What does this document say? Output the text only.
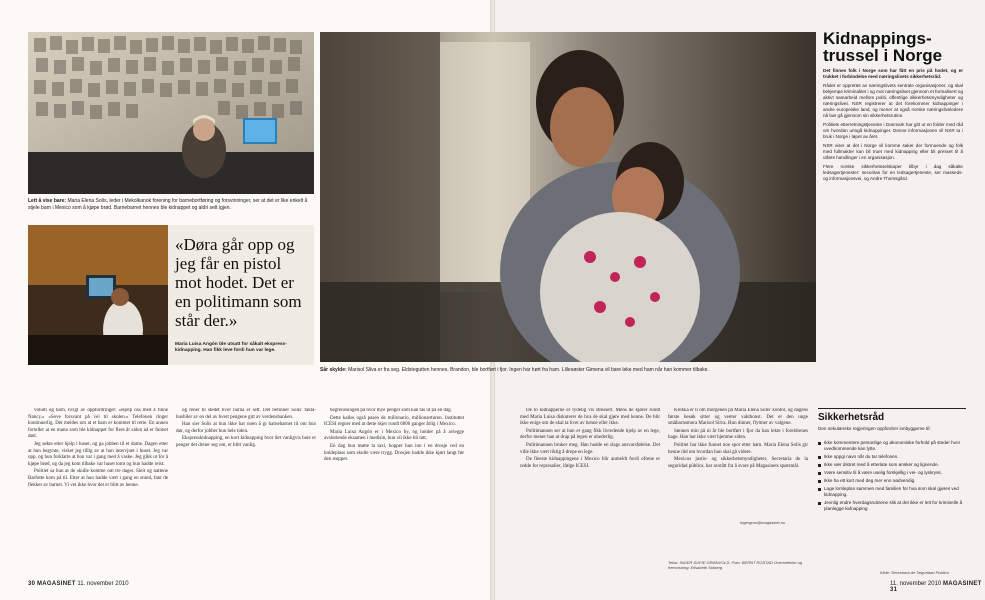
Lett å vise bare: Maria Elena Solís, leder i Mekolkanok forening for barnebortføring og forsvinninger, ser at det er like enkelt å stjele barn i Mexico som å kjøpe brød. Barnebarnet hennes ble kidnappet og aldri sett igjen.
«Døra går opp og jeg får en pistol mot hodet. Det er en politimann som står der.»
Maria Luisa Angón ble utsatt for såkalt ekspress-kidnapping. Han fikk leve fordi hun var lege.

volum og barn, hvigt av oppfordringer: «Hjelp oss med å finne Nancy.» «Sove forsvant på vei til skolen.» Telefonen ringer kontinuerlig. Det meldes om at et barn er kommet til rette. En annen forteller at en mann som ble kidnappet for flere år siden nå er funnet død.

Jeg søkte etter hjelp i huset, og ga jobben til et dame. Dagen etter at hun begynte, visket jeg tillig av at hun intervjuet i huset. Jeg var opp, og hun forklarte at hun var i gang med å vaske. Jeg gikk ut for å kjøpe brød, og da jeg kom tilbake var huset tomt og hun hadde reist.

Politiet sa hun at de skulle komme om tre dager. Sleit og nattene Barfotte kom på til. Etter at hun hadde vært i gang en stund, fant de flekker av barnet. Vi vet ikke hvor det er blitt av henne.

og rener til stedet hvor barna er sett. Det befinner Solís' fakta-husbiler av en del av hvert pengene gitt av verdensbanken.

Han sier Solís at hun ikke har noen å gi barnebarnet til om hun dør, og derfor jobber hun hele tiden.

Ekspresskidnapping, en kort kidnapping hvor det vanligvis bare er penger det dreier seg om, er blitt vanlig.

begrensningen på hvor mye penger som kan tas ut på en dag.

Dette kalles også paseo de millonario, millionærturen. Instituttet ICESI regner med at dette skjer rundt 6000 ganger årlig i Mexico.

Maria Luisa Angón er i Mexico by, og holder på å avlegge avsluttende eksamen i medisin, hun vil ikke bli tatt.

En dag hun møtte ta taxi, hopper hun inn i en drosje ved en holdeplass som skulle være trygg. Drosjen hadde ikke kjørt langt før den stoppet.

30 MAGASINET 11. november 2010
Sår skylde: Marisol Silva er fra seg. Eldstegutten hennes, Brandon, ble bortført i fjor. Ingen har hørt fra ham. Lillesøster Gimena vil bare leke med ham når han kommer tilbake.
Kidnappings-trussel i Norge

Det finnes folk i Norge som har fått en pris på hodet, og er trukket i forbindelse med næringslivets sikkerhetsråd.

Rådet er opprettet av næringslivets sentrale organisasjoner, og skal bekjempe kriminalitet i og mot næringslivet gjennom et formalisert og aktivt samarbeid mellom politi, offentlige sikkerhetsmyndigheter og næringslivet. NSR registrerer at det forekommer kidnappinger i andre europeiske land, og mener at også norske næringslivsledere nå bør gå gjennom sin sikkerhetsrutine.

Politiets etterretningstjeneste i Danmark har gitt ut en folder med råd om hvordan unngå kidnappinger. Denne informasjonen vil NSR ta i bruk i Norge i løpet av året.

NSR viser at det i Norge vil komme saker der formuende og folk med fullmakter kan bli truet med kidnapping eller bli presset til å utføre handlinger i en organisasjon.

Flere norske sikkerhetsselskaper tilbyr i dag såkalte ledsagertjenester: securitas for en ledsagertjeneste, ser masseds- og informasjonsvei, og Andre Thomsgård.

De to kidnapperne er tydelig vis stressert. Mens de kjører rundt med Maria Luisa diskuterer de hva de skal gjøre med henne. De blir ikke enige om de skal ta livet av henne eller ikke.

Politimannen ser at hun er gang fikk livredende hjelp av en lege, derfor mener han at drap på legen er ubederlig.

Politimannen bruker meg. Han hadde en slags ansvarsfølelse. Det ville ikke vært riktig å drepe en lege.

De fleeste kidnappingene i Mexico blir anmeldt fordi ofrene er redde for represalier, ifølge ICESI.

Klokka er ti om morgenen på Maria Elena Solís' kontor, og dagens første besøk sitter og venter vakthonst. Det er den unge småbarnsmora Marisol Silva. Hun dinner, flytmer av valgene.

Sønnen min på ni år ble bortført i fjor da han lekte i foreldrenes hage. Han har ikke vært hjemme siden.

Politiet har ikke funnet noe spor etter ham. Maria Elena Solís gir henne råd om hvordan hun skal gå videre.

Mexicos justis- og sikkerhetsmyndigheter, Secretaría de la seguridad pública, har avstått fra å svare på Magasinets spørsmål.

Ingergron@magasinet.no
Tekst: INGER SOFIE GRØNVOLD. Foto: BERNT ROSTAD Oversettelse og fremvisning: Elisabeth Solberg
Sikkerhetsråd
Den nekulærske regjeringen oppfordrer innbyggerne til:
Ikke kommentere personlige og økonomiske forhold på steder hvor uvedkommende kan lytte.
Ikke oppgi navn når du tar telefonen.
Ikke vær distret med å etterlate som ønsker og lignende.
Være sensitiv til å være uselig forskjellig i vei- og lyskryss.
Ikke ha ett kort med deg mer enn nødvendig.
Lage lomleplan sammen med familien for hva som skal gjøres ved kidnapping.
Jevnlig endre hverdagsrutinene slik at det ikke er lett for kriminelle å planlegge kidnapping.
Kilde: Secretaría de Seguridad Pública
11. november 2010 MAGASINET 31
